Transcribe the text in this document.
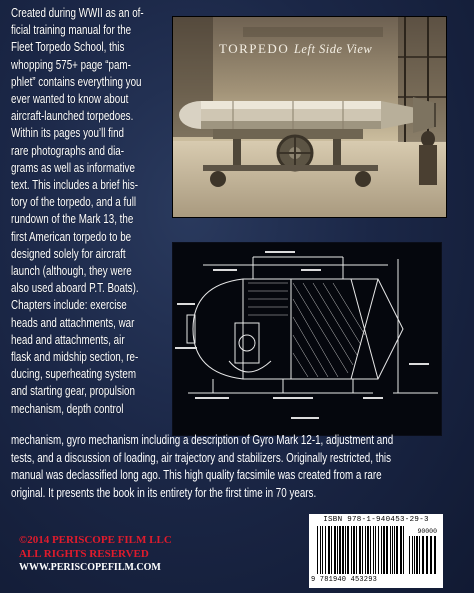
Created during WWII as an of-
ficial training manual for the
Fleet Torpedo School, this
whopping 575+ page “pam-
phlet” contains everything you
ever wanted to know about
aircraft-launched torpedoes.
Within its pages you’ll find
rare photographs and dia-
grams as well as informative
text. This includes a brief his-
tory of the torpedo, and a full
rundown of the Mark 13, the
first American torpedo to be
designed solely for aircraft
launch (although, they were
also used aboard P.T. Boats).
Chapters include: exercise
heads and attachments, war
head and attachments, air
flask and midship section, re-
ducing, superheating system
and starting gear, propulsion
mechanism, depth control
TORPEDO Left Side View
mechanism, gyro mechanism including a description of Gyro Mark 12-1, adjustment and
tests, and a discussion of loading, air trajectory and stabilizers. Originally restricted, this
manual was declassified long ago. This high quality facsimile was created from a rare
original. It presents the book in its entirety for the first time in 70 years.
©2014 PERISCOPE FILM LLC
ALL RIGHTS RESERVED
WWW.PERISCOPEFILM.COM
ISBN 978-1-940453-29-3
90000
9 781940 453293
